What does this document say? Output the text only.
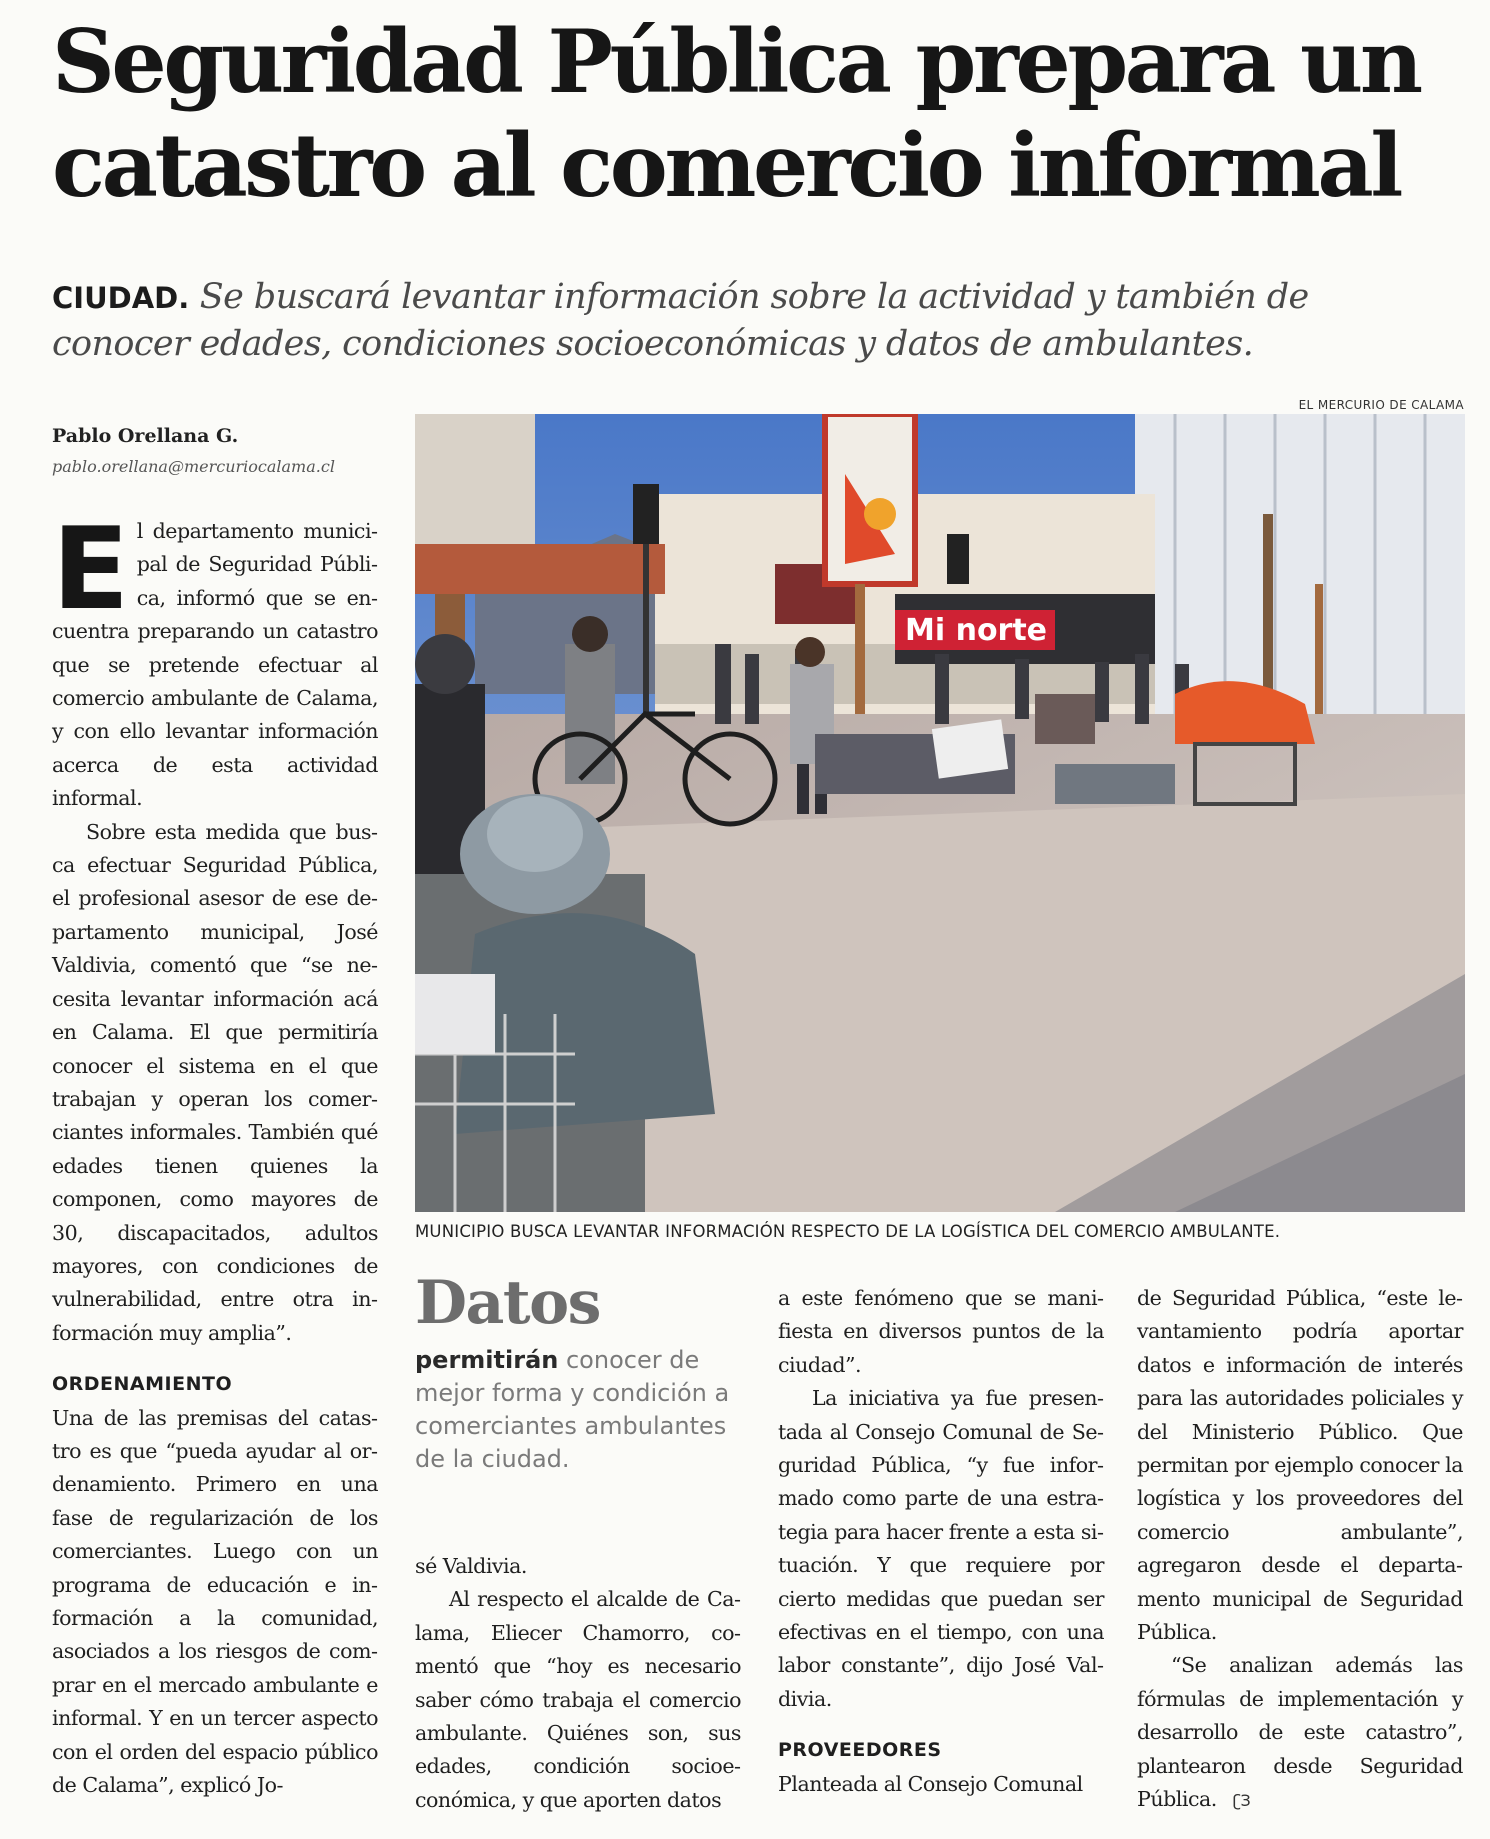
Seguridad Pública prepara un catastro al comercio informal
CIUDAD. Se buscará levantar información sobre la actividad y también de conocer edades, condiciones socioeconómicas y datos de ambulantes.
Pablo Orellana G.
pablo.orellana@mercuriocalama.cl
EL MERCURIO DE CALAMA
Mi norte
MUNICIPIO BUSCA LEVANTAR INFORMACIÓN RESPECTO DE LA LOGÍSTICA DEL COMERCIO AMBULANTE.

El departamento municipal de Seguridad Pública, informó que se encuentra preparando un catastro que se pretende efectuar al comercio ambulante de Calama, y con ello levantar información acerca de esta actividad informal.

Sobre esta medida que busca efectuar Seguridad Pública, el profesional asesor de ese departamento municipal, José Valdivia, comentó que “se necesita levantar información acá en Calama. El que permitiría conocer el sistema en el que trabajan y operan los comerciantes informales. También qué edades tienen quienes la componen, como mayores de 30, discapacitados, adultos mayores, con condiciones de vulnerabilidad, entre otra información muy amplia”.

ORDENAMIENTO

Una de las premisas del catastro es que “pueda ayudar al ordenamiento. Primero en una fase de regularización de los comerciantes. Luego con un programa de educación e información a la comunidad, asociados a los riesgos de comprar en el mercado ambulante e informal. Y en un tercer aspecto con el orden del espacio público de Calama”, explicó Jo-

Datos
permitirán conocer de mejor forma y condición a comerciantes ambulantes de la ciudad.

sé Valdivia.

Al respecto el alcalde de Calama, Eliecer Chamorro, comentó que “hoy es necesario saber cómo trabaja el comercio ambulante. Quiénes son, sus edades, condición socioeconómica, y que aporten datos

a este fenómeno que se manifiesta en diversos puntos de la ciudad”.

La iniciativa ya fue presentada al Consejo Comunal de Seguridad Pública, “y fue informado como parte de una estrategia para hacer frente a esta situación. Y que requiere por cierto medidas que puedan ser efectivas en el tiempo, con una labor constante”, dijo José Valdivia.

PROVEEDORES

Planteada al Consejo Comunal

de Seguridad Pública, “este levantamiento podría aportar datos e información de interés para las autoridades policiales y del Ministerio Público. Que permitan por ejemplo conocer la logística y los proveedores del comercio ambulante”, agregaron desde el departamento municipal de Seguridad Pública.

“Se analizan además las fórmulas de implementación y desarrollo de este catastro”, plantearon desde Seguridad Pública. ʗЗ
